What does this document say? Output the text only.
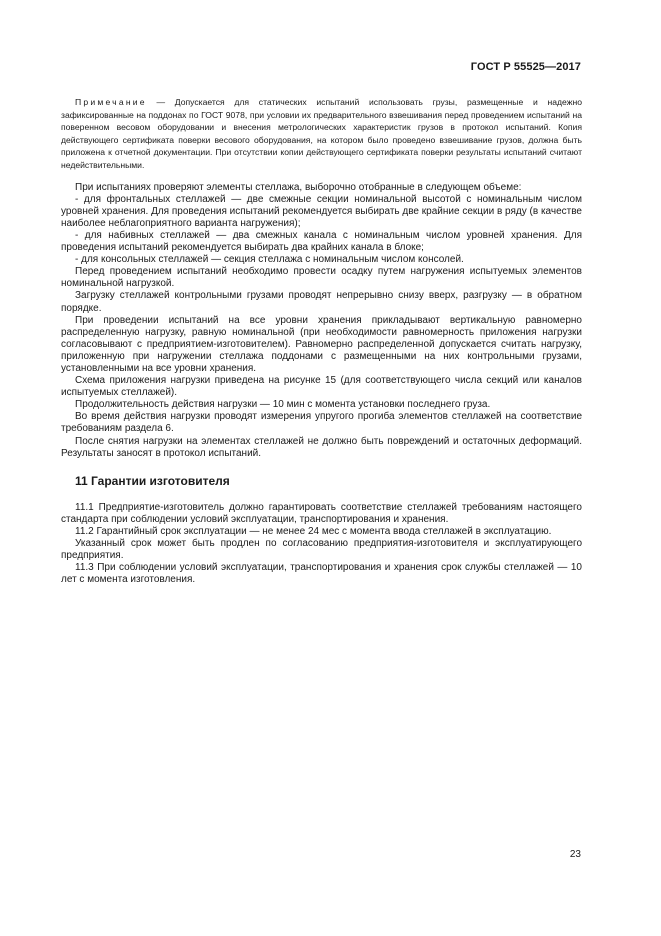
ГОСТ Р 55525—2017

Примечание — Допускается для статических испытаний использовать грузы, размещенные и надежно зафиксированные на поддонах по ГОСТ 9078, при условии их предварительного взвешивания перед проведением испытаний на поверенном весовом оборудовании и внесения метрологических характеристик грузов в протокол испытаний. Копия действующего сертификата поверки весового оборудования, на котором было проведено взвешивание грузов, должна быть приложена к отчетной документации. При отсутствии копии действующего сертификата поверки результаты испытаний считают недействительными.

При испытаниях проверяют элементы стеллажа, выборочно отобранные в следующем объеме:

- для фронтальных стеллажей — две смежные секции номинальной высотой с номинальным числом уровней хранения. Для проведения испытаний рекомендуется выбирать две крайние секции в ряду (в качестве наиболее неблагоприятного варианта нагружения);

- для набивных стеллажей — два смежных канала с номинальным числом уровней хранения. Для проведения испытаний рекомендуется выбирать два крайних канала в блоке;

- для консольных стеллажей — секция стеллажа с номинальным числом консолей.

Перед проведением испытаний необходимо провести осадку путем нагружения испытуемых элементов номинальной нагрузкой.

Загрузку стеллажей контрольными грузами проводят непрерывно снизу вверх, разгрузку — в обратном порядке.

При проведении испытаний на все уровни хранения прикладывают вертикальную равномерно распределенную нагрузку, равную номинальной (при необходимости равномерность приложения нагрузки согласовывают с предприятием-изготовителем). Равномерно распределенной допускается считать нагрузку, приложенную при нагружении стеллажа поддонами с размещенными на них контрольными грузами, установленными на все уровни хранения.

Схема приложения нагрузки приведена на рисунке 15 (для соответствующего числа секций или каналов испытуемых стеллажей).

Продолжительность действия нагрузки — 10 мин с момента установки последнего груза.

Во время действия нагрузки проводят измерения упругого прогиба элементов стеллажей на соответствие требованиям раздела 6.

После снятия нагрузки на элементах стеллажей не должно быть повреждений и остаточных деформаций. Результаты заносят в протокол испытаний.

11 Гарантии изготовителя

11.1 Предприятие-изготовитель должно гарантировать соответствие стеллажей требованиям настоящего стандарта при соблюдении условий эксплуатации, транспортирования и хранения.

11.2 Гарантийный срок эксплуатации — не менее 24 мес с момента ввода стеллажей в эксплуатацию.

Указанный срок может быть продлен по согласованию предприятия-изготовителя и эксплуатирующего предприятия.

11.3 При соблюдении условий эксплуатации, транспортирования и хранения срок службы стеллажей — 10 лет с момента изготовления.

23
